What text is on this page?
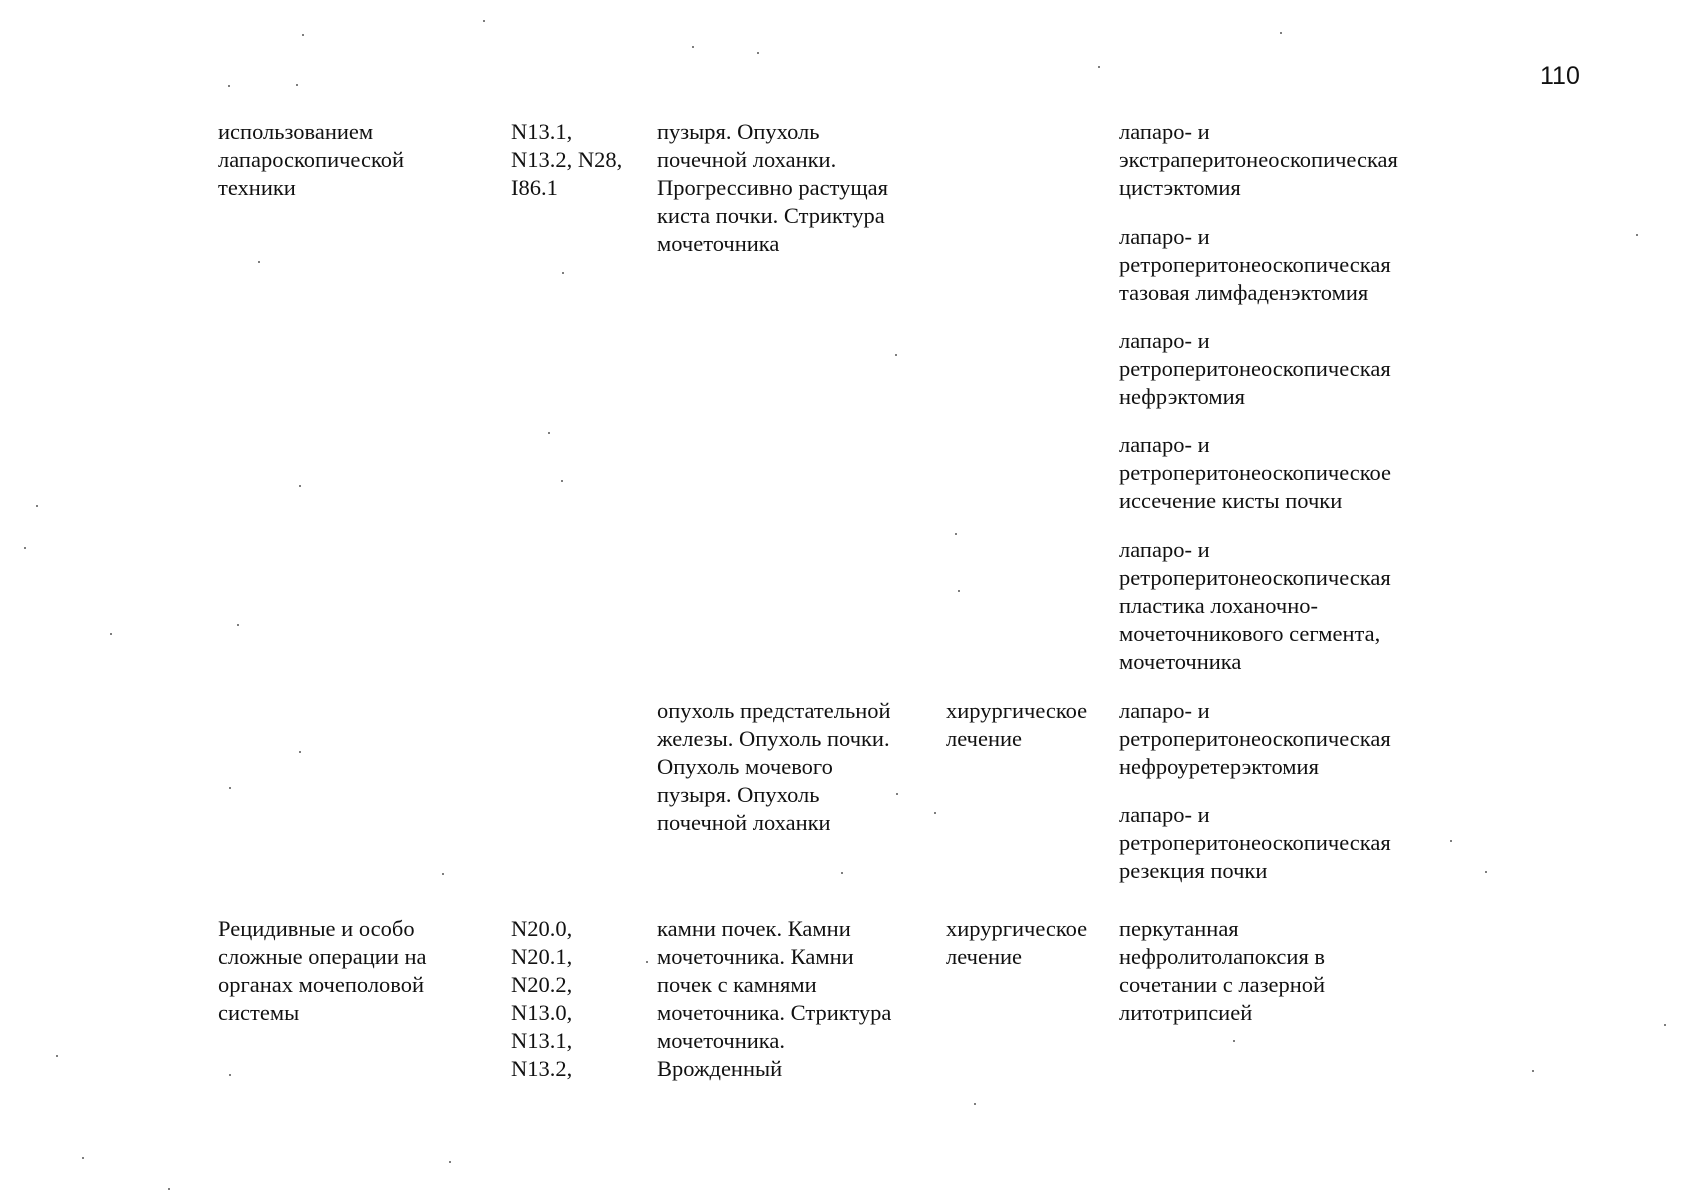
110
использованием
лапароскопической
техники
N13.1,
N13.2, N28,
I86.1
пузыря. Опухоль
почечной лоханки.
Прогрессивно растущая
киста почки. Стриктура
мочеточника
лапаро- и
экстраперитонеоскопическая
цистэктомия
лапаро- и
ретроперитонеоскопическая
тазовая лимфаденэктомия
лапаро- и
ретроперитонеоскопическая
нефрэктомия
лапаро- и
ретроперитонеоскопическое
иссечение кисты почки
лапаро- и
ретроперитонеоскопическая
пластика лоханочно-
мочеточникового сегмента,
мочеточника
опухоль предстательной
железы. Опухоль почки.
Опухоль мочевого
пузыря. Опухоль
почечной лоханки
хирургическое
лечение
лапаро- и
ретроперитонеоскопическая
нефроуретерэктомия
лапаро- и
ретроперитонеоскопическая
резекция почки
Рецидивные и особо
сложные операции на
органах мочеполовой
системы
N20.0,
N20.1,
N20.2,
N13.0,
N13.1,
N13.2,
камни почек. Камни
мочеточника. Камни
почек с камнями
мочеточника. Стриктура
мочеточника.
Врожденный
хирургическое
лечение
перкутанная
нефролитолапоксия в
сочетании с лазерной
литотрипсией
